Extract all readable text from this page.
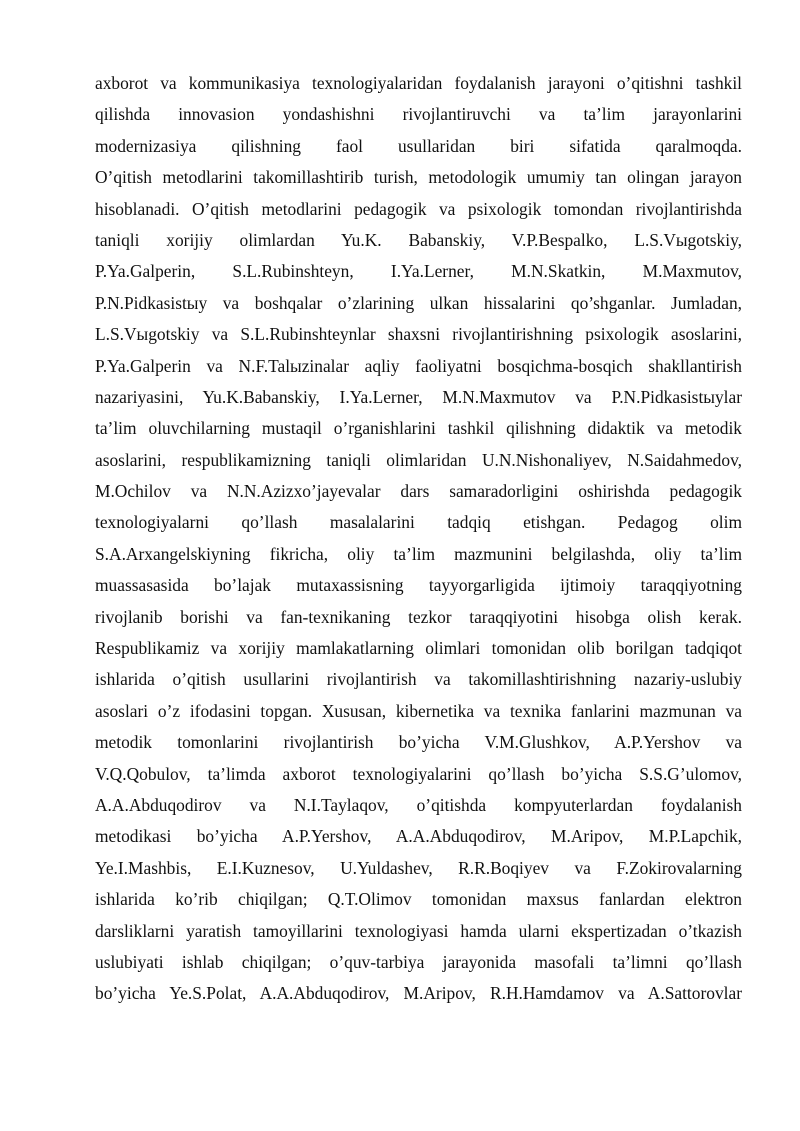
axborot va kommunikasiya texnologiyalaridan foydalanish jarayoni o’qitishni tashkil
qilishda innovasion yondashishni rivojlantiruvchi va ta’lim jarayonlarini
modernizasiya qilishning faol usullaridan biri sifatida qaralmoqda.
O’qitish metodlarini takomillashtirib turish, metodologik umumiy tan olingan jarayon
hisoblanadi. O’qitish metodlarini pedagogik va psixologik tomondan rivojlantirishda
taniqli xorijiy olimlardan Yu.K. Babanskiy, V.P.Bespalko, L.S.Vыgotskiy,
P.Ya.Galperin, S.L.Rubinshteyn, I.Ya.Lerner, M.N.Skatkin, M.Maxmutov,
P.N.Pidkasistыy va boshqalar o’zlarining ulkan hissalarini qo’shganlar. Jumladan,
L.S.Vыgotskiy va S.L.Rubinshteynlar shaxsni rivojlantirishning psixologik asoslarini,
P.Ya.Galperin va N.F.Talыzinalar aqliy faoliyatni bosqichma-bosqich shakllantirish
nazariyasini, Yu.K.Babanskiy, I.Ya.Lerner, M.N.Maxmutov va P.N.Pidkasistыylar
ta’lim oluvchilarning mustaqil o’rganishlarini tashkil qilishning didaktik va metodik
asoslarini, respublikamizning taniqli olimlaridan U.N.Nishonaliyev, N.Saidahmedov,
M.Ochilov va N.N.Azizxo’jayevalar dars samaradorligini oshirishda pedagogik
texnologiyalarni qo’llash masalalarini tadqiq etishgan. Pedagog olim
S.A.Arxangelskiyning fikricha, oliy ta’lim mazmunini belgilashda, oliy ta’lim
muassasasida bo’lajak mutaxassisning tayyorgarligida ijtimoiy taraqqiyotning
rivojlanib borishi va fan-texnikaning tezkor taraqqiyotini hisobga olish kerak.
Respublikamiz va xorijiy mamlakatlarning olimlari tomonidan olib borilgan tadqiqot
ishlarida o’qitish usullarini rivojlantirish va takomillashtirishning nazariy-uslubiy
asoslari o’z ifodasini topgan. Xususan, kibernetika va texnika fanlarini mazmunan va
metodik tomonlarini rivojlantirish bo’yicha V.M.Glushkov, A.P.Yershov va
V.Q.Qobulov, ta’limda axborot texnologiyalarini qo’llash bo’yicha S.S.G’ulomov,
A.A.Abduqodirov va N.I.Taylaqov, o’qitishda kompyuterlardan foydalanish
metodikasi bo’yicha A.P.Yershov, A.A.Abduqodirov, M.Aripov, M.P.Lapchik,
Ye.I.Mashbis, E.I.Kuznesov, U.Yuldashev, R.R.Boqiyev va F.Zokirovalarning
ishlarida ko’rib chiqilgan; Q.T.Olimov tomonidan maxsus fanlardan elektron
darsliklarni yaratish tamoyillarini texnologiyasi hamda ularni ekspertizadan o’tkazish
uslubiyati ishlab chiqilgan; o’quv-tarbiya jarayonida masofali ta’limni qo’llash
bo’yicha Ye.S.Polat, A.A.Abduqodirov, M.Aripov, R.H.Hamdamov va A.Sattorovlar
